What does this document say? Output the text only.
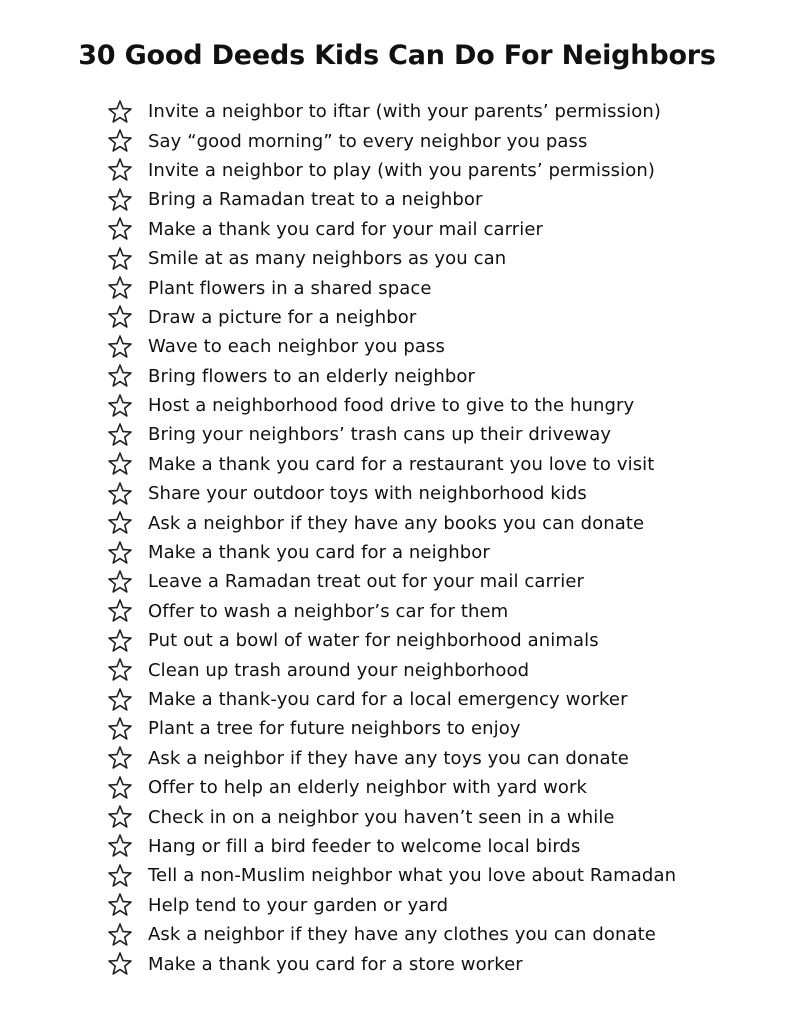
30 Good Deeds Kids Can Do For Neighbors
Invite a neighbor to iftar (with your parents’ permission)
Say “good morning” to every neighbor you pass
Invite a neighbor to play (with you parents’ permission)
Bring a Ramadan treat to a neighbor
Make a thank you card for your mail carrier
Smile at as many neighbors as you can
Plant flowers in a shared space
Draw a picture for a neighbor
Wave to each neighbor you pass
Bring flowers to an elderly neighbor
Host a neighborhood food drive to give to the hungry
Bring your neighbors’ trash cans up their driveway
Make a thank you card for a restaurant you love to visit
Share your outdoor toys with neighborhood kids
Ask a neighbor if they have any books you can donate
Make a thank you card for a neighbor
Leave a Ramadan treat out for your mail carrier
Offer to wash a neighbor’s car for them
Put out a bowl of water for neighborhood animals
Clean up trash around your neighborhood
Make a thank-you card for a local emergency worker
Plant a tree for future neighbors to enjoy
Ask a neighbor if they have any toys you can donate
Offer to help an elderly neighbor with yard work
Check in on a neighbor you haven’t seen in a while
Hang or fill a bird feeder to welcome local birds
Tell a non-Muslim neighbor what you love about Ramadan
Help tend to your garden or yard
Ask a neighbor if they have any clothes you can donate
Make a thank you card for a store worker
